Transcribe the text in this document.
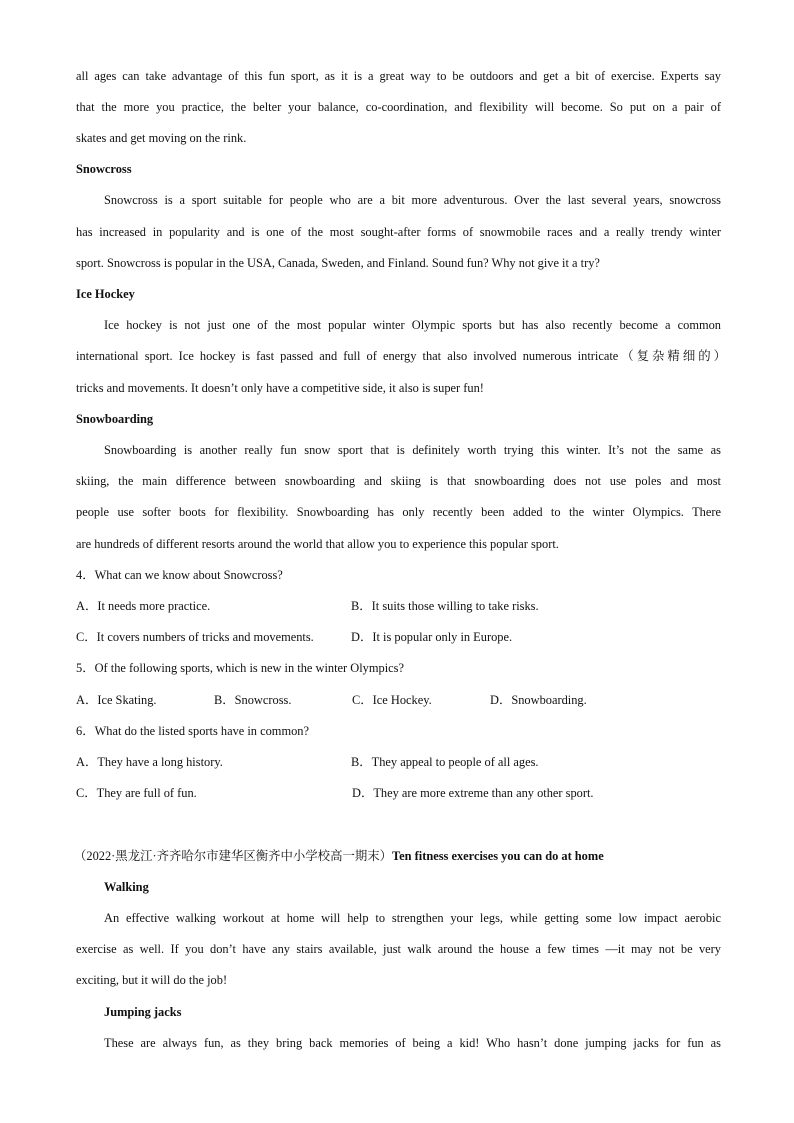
all ages can take advantage of this fun sport, as it is a great way to be outdoors and get a bit of exercise. Experts say
that the more you practice, the belter your balance, co-coordination, and flexibility will become. So put on a pair of
skates and get moving on the rink.
Snowcross
Snowcross is a sport suitable for people who are a bit more adventurous. Over the last several years, snowcross
has increased in popularity and is one of the most sought-after forms of snowmobile races and a really trendy winter
sport. Snowcross is popular in the USA, Canada, Sweden, and Finland. Sound fun? Why not give it a try?
Ice Hockey
Ice hockey is not just one of the most popular winter Olympic sports but has also recently become a common
international sport. Ice hockey is fast passed and full of energy that also involved numerous intricate（复杂精细的）
tricks and movements. It doesn’t only have a competitive side, it also is super fun!
Snowboarding
Snowboarding is another really fun snow sport that is definitely worth trying this winter. It’s not the same as
skiing, the main difference between snowboarding and skiing is that snowboarding does not use poles and most
people use softer boots for flexibility. Snowboarding has only recently been added to the winter Olympics. There
are hundreds of different resorts around the world that allow you to experience this popular sport.
4．What can we know about Snowcross?
A．It needs more practice.	B．It suits those willing to take risks.
C．It covers numbers of tricks and movements.	D．It is popular only in Europe.
5．Of the following sports, which is new in the winter Olympics?
A．Ice Skating.	B．Snowcross.	C．Ice Hockey.	D．Snowboarding.
6．What do the listed sports have in common?
A．They have a long history.	B．They appeal to people of all ages.
C．They are full of fun.	D．They are more extreme than any other sport.
（2022·黑龙江·齐齐哈尔市建华区衡齐中小学校高一期末）Ten fitness exercises you can do at home
Walking
An effective walking workout at home will help to strengthen your legs, while getting some low impact aerobic
exercise as well. If you don’t have any stairs available, just walk around the house a few times —it may not be very
exciting, but it will do the job!
Jumping jacks
These are always fun, as they bring back memories of being a kid! Who hasn’t done jumping jacks for fun as
